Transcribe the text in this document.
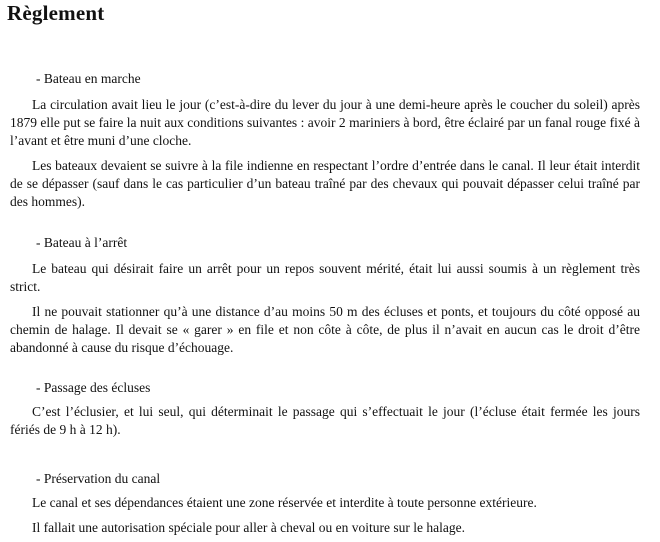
Règlement

- Bateau en marche

La circulation avait lieu le jour (c’est-à-dire du lever du jour à une demi-heure après le coucher du soleil) après 1879 elle put se faire la nuit aux conditions suivantes : avoir 2 mariniers à bord, être éclairé par un fanal rouge fixé à l’avant et être muni d’une cloche.

Les bateaux devaient se suivre à la file indienne en respectant l’ordre d’entrée dans le canal. Il leur était interdit de se dépasser (sauf dans le cas particulier d’un bateau traîné par des chevaux qui pouvait dépasser celui traîné par des hommes).

- Bateau à l’arrêt

Le bateau qui désirait faire un arrêt pour un repos souvent mérité, était lui aussi soumis à un règlement très strict.

Il ne pouvait stationner qu’à une distance d’au moins 50 m des écluses et ponts, et toujours du côté opposé au chemin de halage. Il devait se « garer » en file et non côte à côte, de plus il n’avait en aucun cas le droit d’être abandonné à cause du risque d’échouage.

- Passage des écluses

C’est l’éclusier, et lui seul, qui déterminait le passage qui s’effectuait le jour (l’écluse était fermée les jours fériés de 9 h à 12 h).

- Préservation du canal

Le canal et ses dépendances étaient une zone réservée et interdite à toute personne extérieure.

Il fallait une autorisation spéciale pour aller à cheval ou en voiture sur le halage.
